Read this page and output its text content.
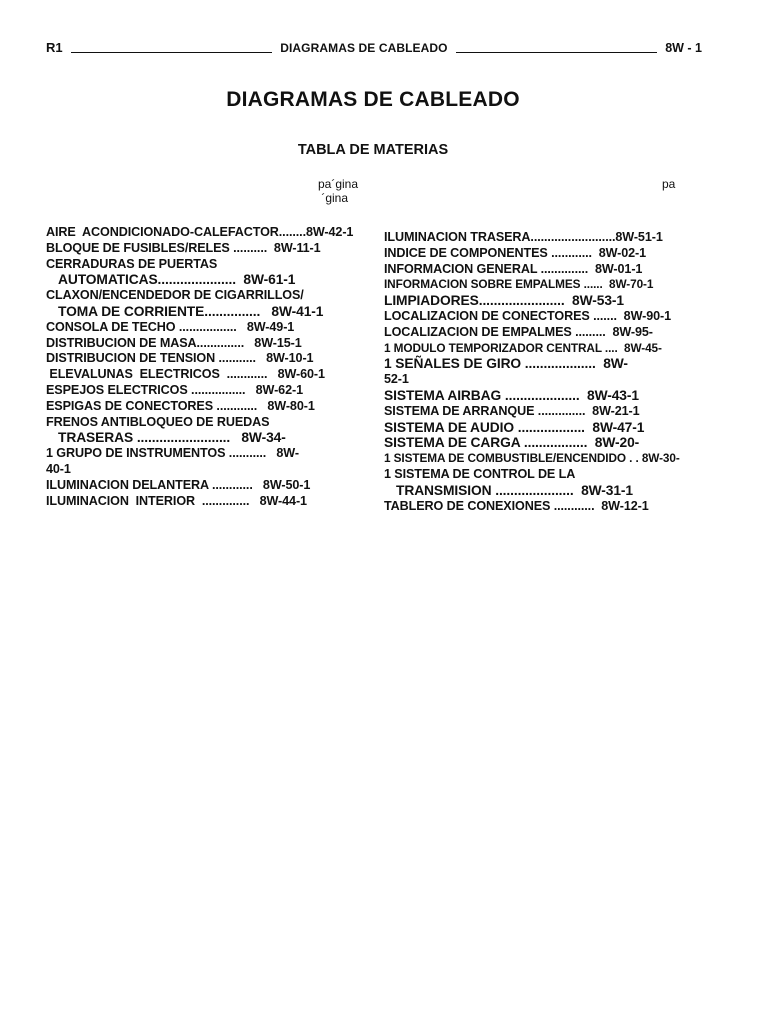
R1	DIAGRAMAS DE CABLEADO	8W - 1
DIAGRAMAS DE CABLEADO
TABLA DE MATERIAS
pa´gina
´gina
pa
AIRE  ACONDICIONADO-CALEFACTOR........8W-42-1
BLOQUE DE FUSIBLES/RELES ..........  8W-11-1
CERRADURAS DE PUERTAS
AUTOMATICAS.....................  8W-61-1
CLAXON/ENCENDEDOR DE CIGARRILLOS/
TOMA DE CORRIENTE...............   8W-41-1
CONSOLA DE TECHO .................   8W-49-1
DISTRIBUCION DE MASA..............   8W-15-1
DISTRIBUCION DE TENSION ...........   8W-10-1
ELEVALUNAS  ELECTRICOS  ............   8W-60-1
ESPEJOS ELECTRICOS ................   8W-62-1
ESPIGAS DE CONECTORES ............   8W-80-1
FRENOS ANTIBLOQUEO DE RUEDAS
TRASERAS .........................   8W-34-
1 GRUPO DE INSTRUMENTOS ...........   8W-
40-1
ILUMINACION DELANTERA ............   8W-50-1
ILUMINACION  INTERIOR  ..............   8W-44-1
ILUMINACION TRASERA.........................8W-51-1
INDICE DE COMPONENTES ............  8W-02-1
INFORMACION GENERAL ..............  8W-01-1
INFORMACION SOBRE EMPALMES ......  8W-70-1
LIMPIADORES.......................  8W-53-1
LOCALIZACION DE CONECTORES .......  8W-90-1
LOCALIZACION DE EMPALMES .........  8W-95-
1 MODULO TEMPORIZADOR CENTRAL ....  8W-45-
1 SEÑALES DE GIRO ...................  8W-
52-1
SISTEMA AIRBAG ....................  8W-43-1
SISTEMA DE ARRANQUE ..............  8W-21-1
SISTEMA DE AUDIO ..................  8W-47-1
SISTEMA DE CARGA .................  8W-20-
1 SISTEMA DE COMBUSTIBLE/ENCENDIDO . . 8W-30-
1 SISTEMA DE CONTROL DE LA
TRANSMISION .....................  8W-31-1
TABLERO DE CONEXIONES ............  8W-12-1
